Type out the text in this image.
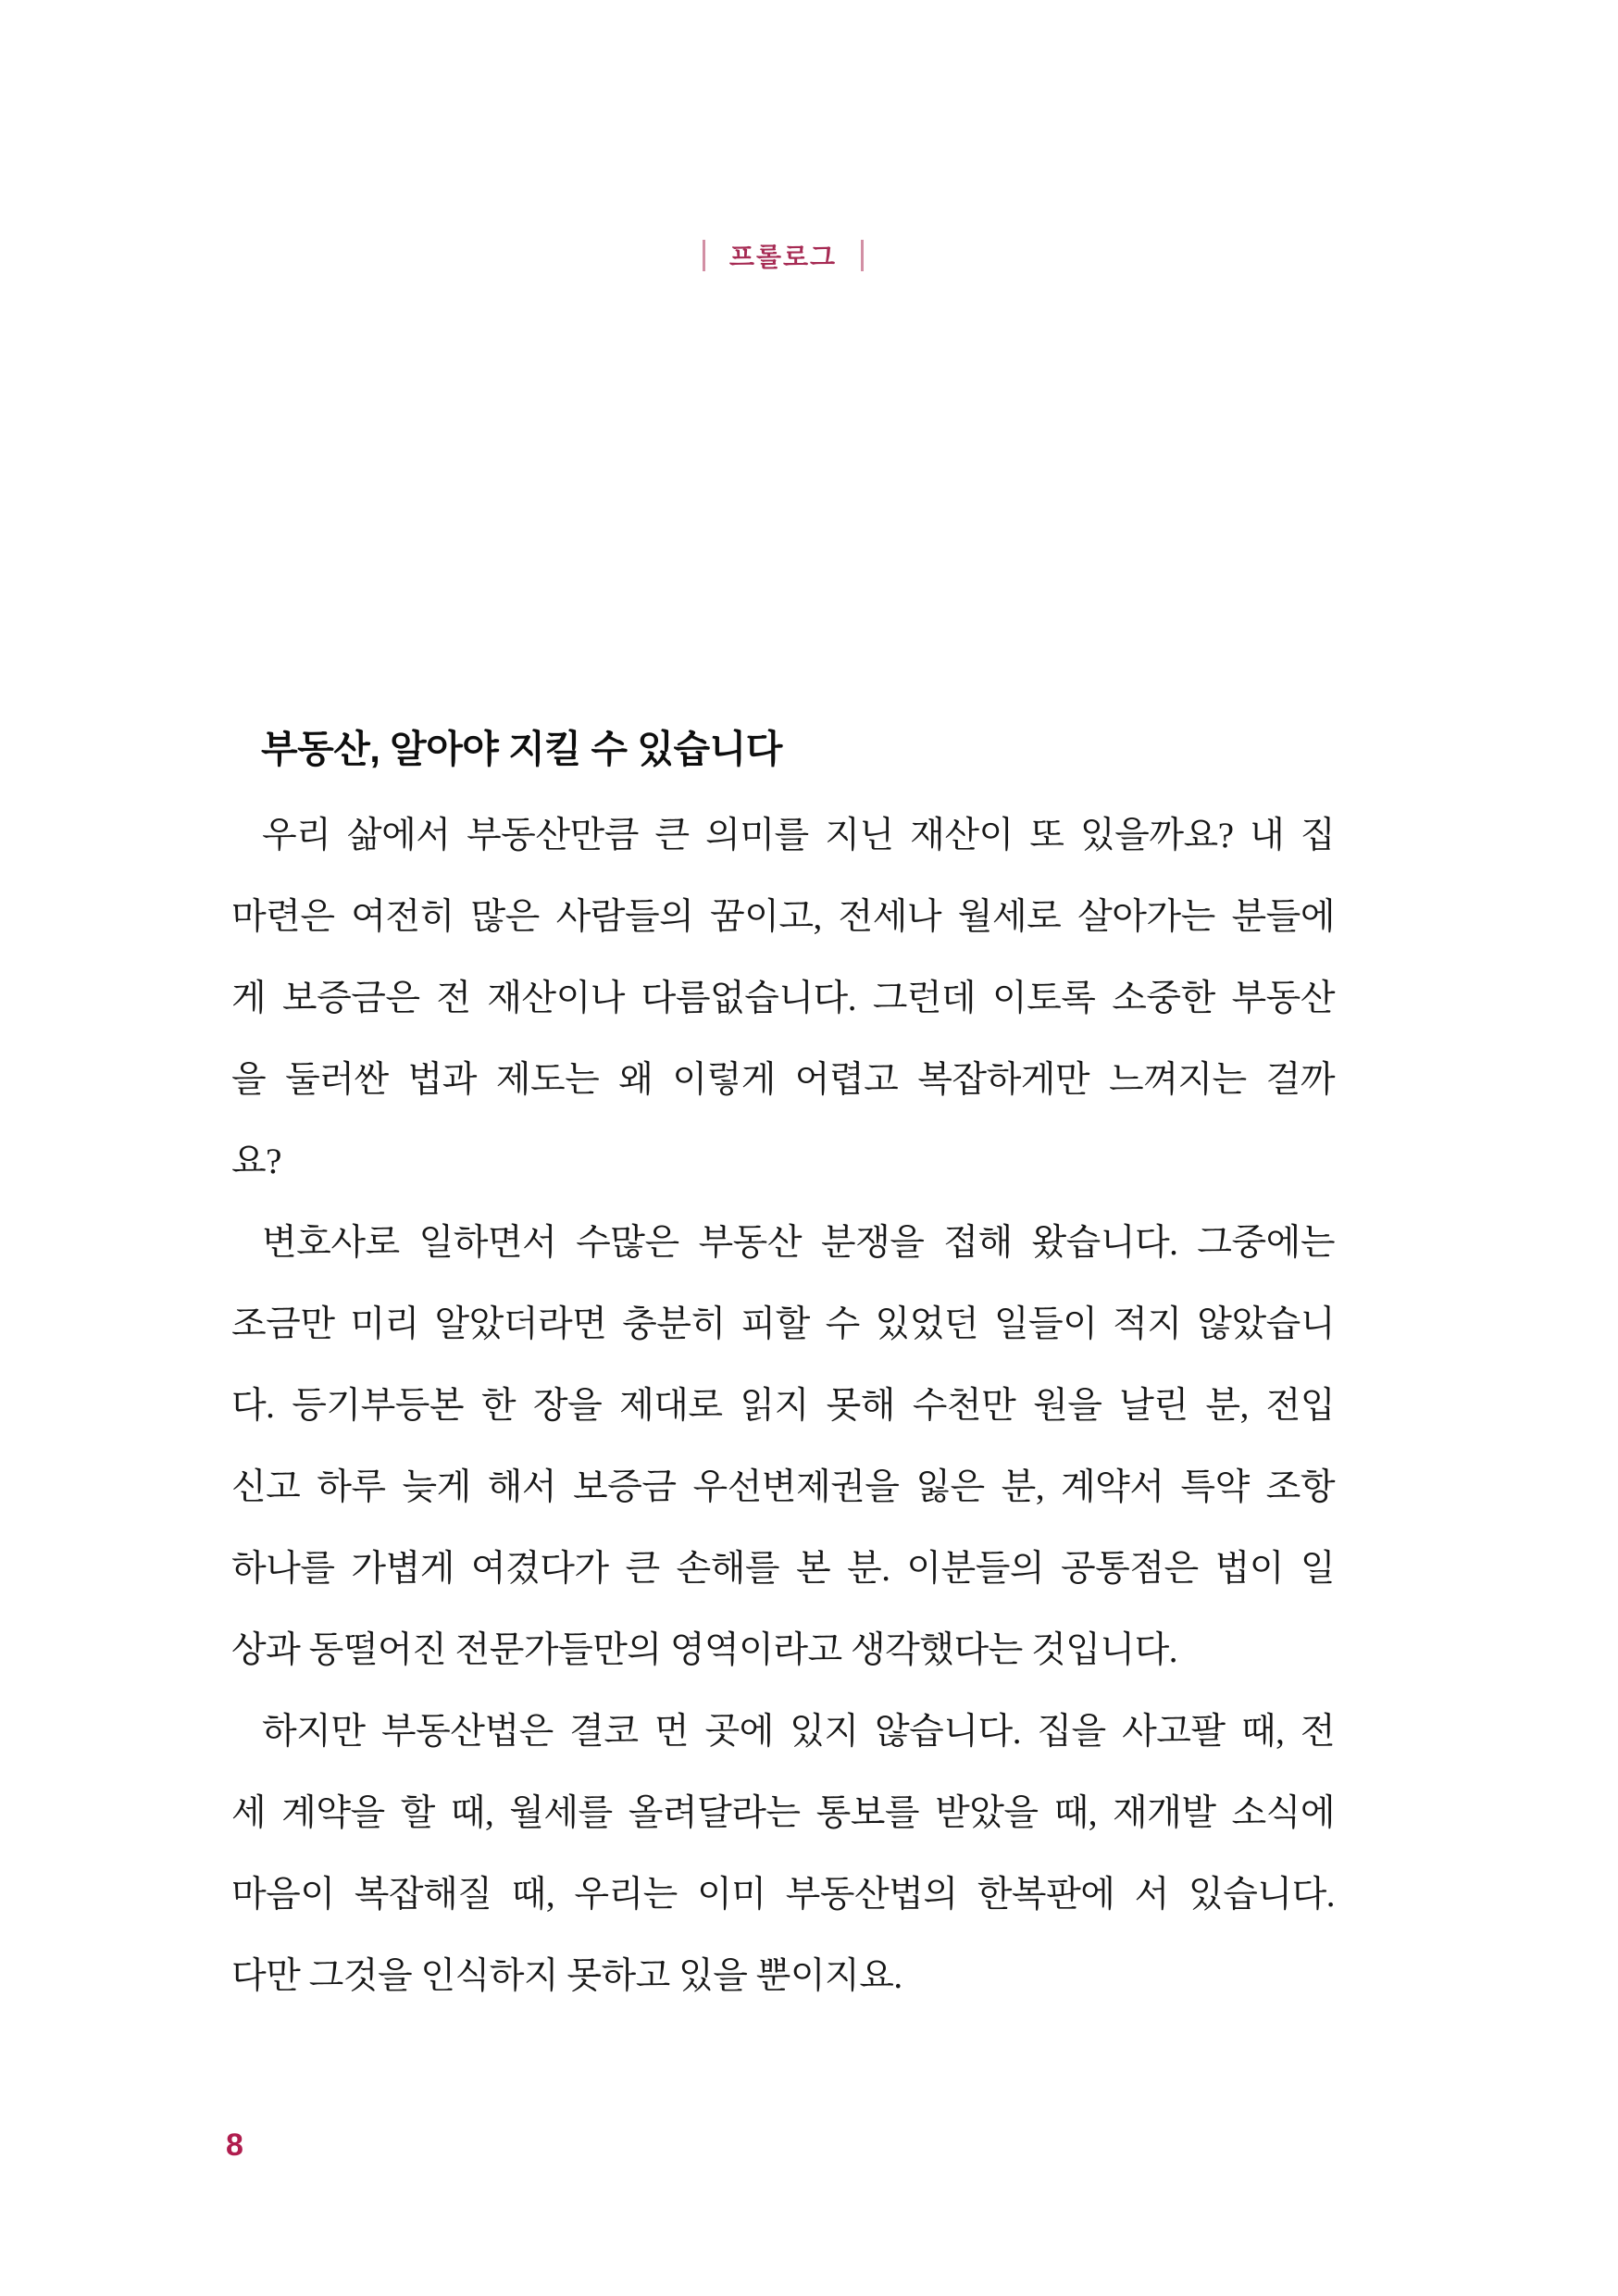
프롤로그
부동산, 알아야 지킬 수 있습니다
우리 삶에서 부동산만큼 큰 의미를 지닌 재산이 또 있을까요? 내 집
마련은 여전히 많은 사람들의 꿈이고, 전세나 월세로 살아가는 분들에
게 보증금은 전 재산이나 다름없습니다. 그런데 이토록 소중한 부동산
을 둘러싼 법과 제도는 왜 이렇게 어렵고 복잡하게만 느껴지는 걸까
요?
변호사로 일하면서 수많은 부동산 분쟁을 접해 왔습니다. 그중에는
조금만 미리 알았더라면 충분히 피할 수 있었던 일들이 적지 않았습니
다. 등기부등본 한 장을 제대로 읽지 못해 수천만 원을 날린 분, 전입
신고 하루 늦게 해서 보증금 우선변제권을 잃은 분, 계약서 특약 조항
하나를 가볍게 여겼다가 큰 손해를 본 분. 이분들의 공통점은 법이 일
상과 동떨어진 전문가들만의 영역이라고 생각했다는 것입니다.
하지만 부동산법은 결코 먼 곳에 있지 않습니다. 집을 사고팔 때, 전
세 계약을 할 때, 월세를 올려달라는 통보를 받았을 때, 재개발 소식에
마음이 복잡해질 때, 우리는 이미 부동산법의 한복판에 서 있습니다.
다만 그것을 인식하지 못하고 있을 뿐이지요.
8
